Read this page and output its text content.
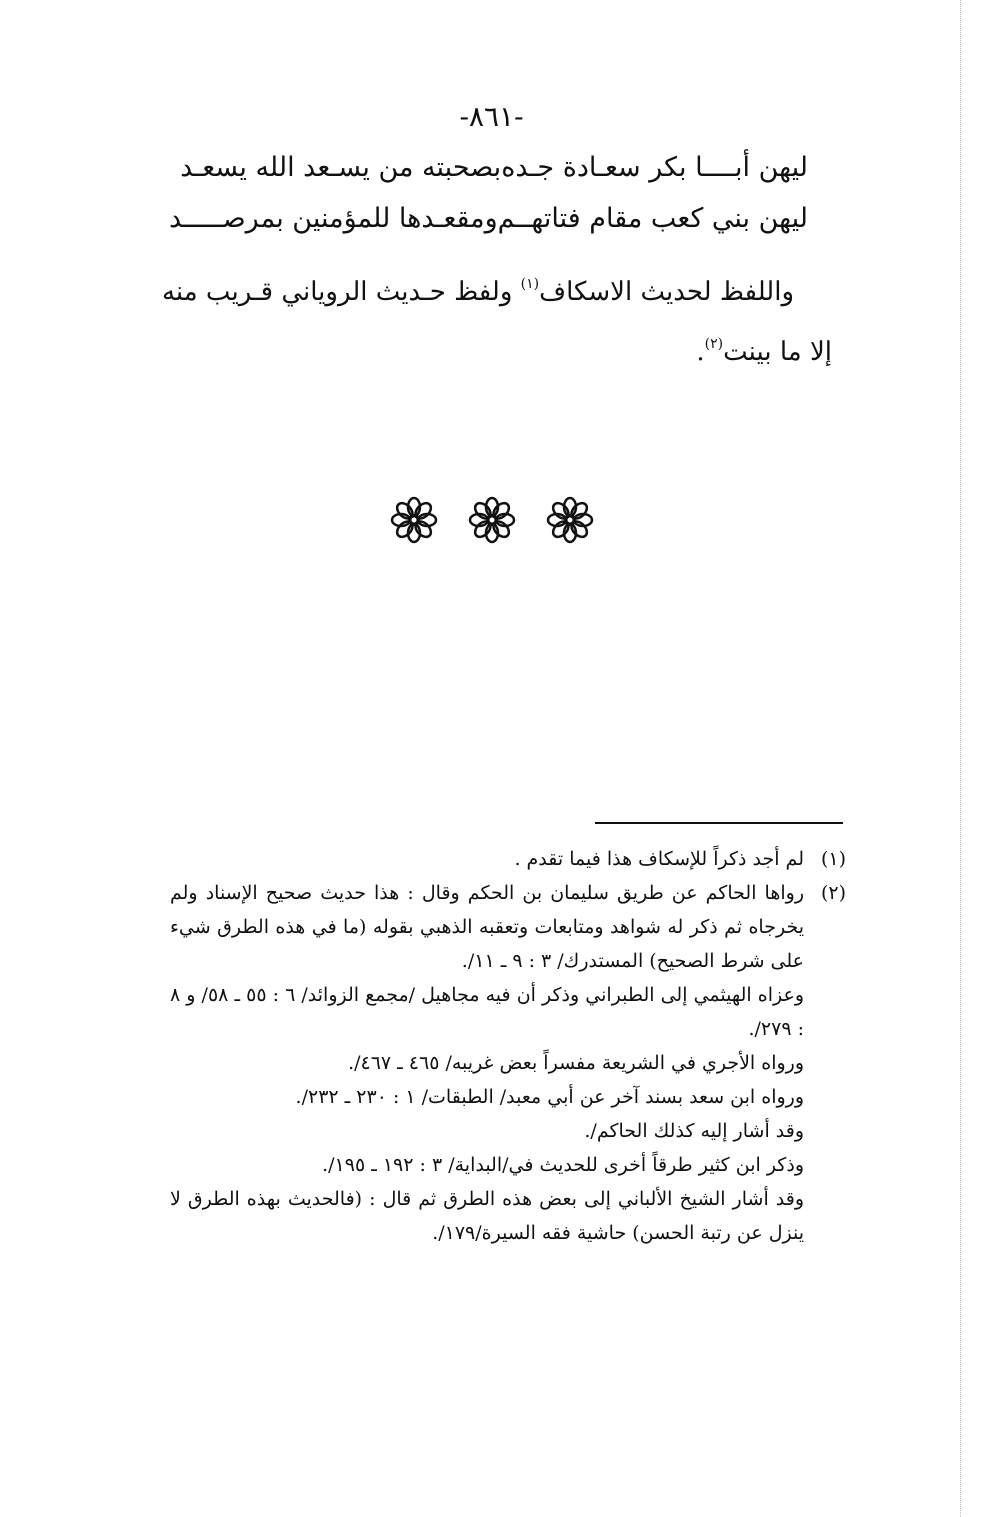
-٨٦١-
ليهن أبــــا بكر سعـادة جـده
بصحبته من يسـعد الله يسعـد
ليهن بني كعب مقام فتاتهــم
ومقعـدها للمؤمنين بمرصـــــد
واللفظ لحديث الاسكاف$^{(١)}$ ولفظ حـديث الروياني قـريب منه
إلا ما بينت$^{(٢)}$.
(١)

لم أجد ذكراً للإسكاف هذا فيما تقدم .

(٢)

رواها الحاكم عن طريق سليمان بن الحكم وقال : هذا حديث صحيح الإسناد ولم يخرجاه ثم ذكر له شواهد ومتابعات وتعقبه الذهبي بقوله (ما في هذه الطرق شيء على شرط الصحيح) المستدرك/ ٣ : ٩ ـ ١١/.

وعزاه الهيثمي إلى الطبراني وذكر أن فيه مجاهيل /مجمع الزوائد/ ٦ : ٥٥ ـ ٥٨/ و ٨ : ٢٧٩/.

ورواه الأجري في الشريعة مفسراً بعض غريبه/ ٤٦٥ ـ ٤٦٧/.

ورواه ابن سعد بسند آخر عن أبي معبد/ الطبقات/ ١ : ٢٣٠ ـ ٢٣٢/.

وقد أشار إليه كذلك الحاكم/.

وذكر ابن كثير طرقاً أخرى للحديث في/البداية/ ٣ : ١٩٢ ـ ١٩٥/.

وقد أشار الشيخ الألباني إلى بعض هذه الطرق ثم قال : (فالحديث بهذه الطرق لا ينزل عن رتبة الحسن) حاشية فقه السيرة/١٧٩/.
